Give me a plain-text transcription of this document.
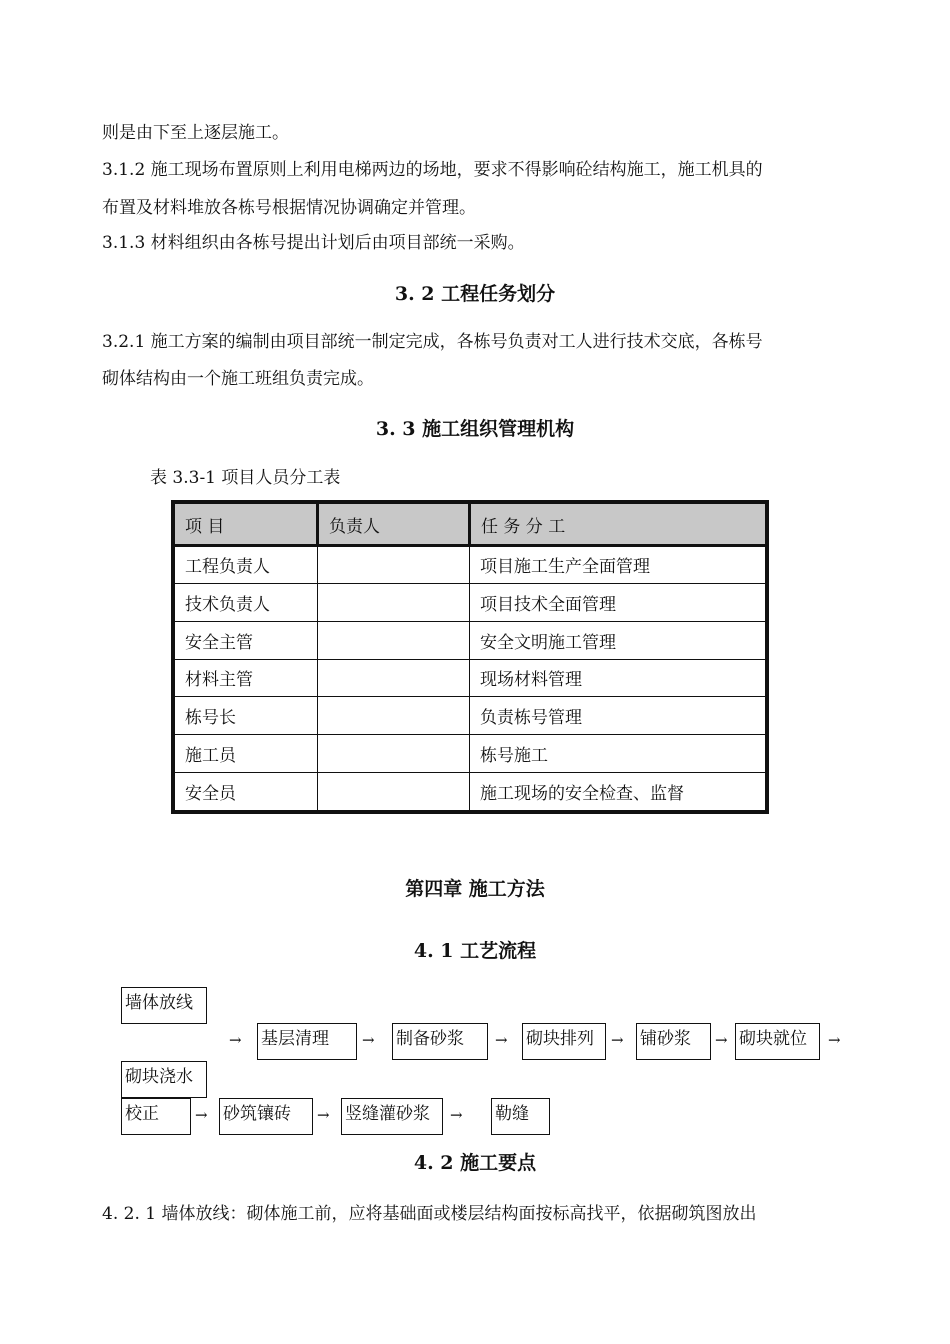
则是由下至上逐层施工。
3.1.2 施工现场布置原则上利用电梯两边的场地，要求不得影响砼结构施工，施工机具的
布置及材料堆放各栋号根据情况协调确定并管理。
3.1.3 材料组织由各栋号提出计划后由项目部统一采购。
3. 2 工程任务划分
3.2.1 施工方案的编制由项目部统一制定完成，各栋号负责对工人进行技术交底，各栋号
砌体结构由一个施工班组负责完成。
3. 3 施工组织管理机构
表 3.3-1 项目人员分工表
项 目	负责人	任 务 分 工
工程负责人		项目施工生产全面管理
技术负责人		项目技术全面管理
安全主管		安全文明施工管理
材料主管		现场材料管理
栋号长		负责栋号管理
施工员		栋号施工
安全员		施工现场的安全检查、监督
第四章 施工方法
4. 1 工艺流程
墙体放线
→ 基层清理	→ 制备砂浆	→ 砌块排列	→ 铺砂浆	→ 砌块就位	→
砌块浇水
校正	→ 砂筑镶砖	→ 竖缝灌砂浆	→ 勒缝
4. 2 施工要点
4. 2. 1 墙体放线：砌体施工前，应将基础面或楼层结构面按标高找平，依据砌筑图放出
